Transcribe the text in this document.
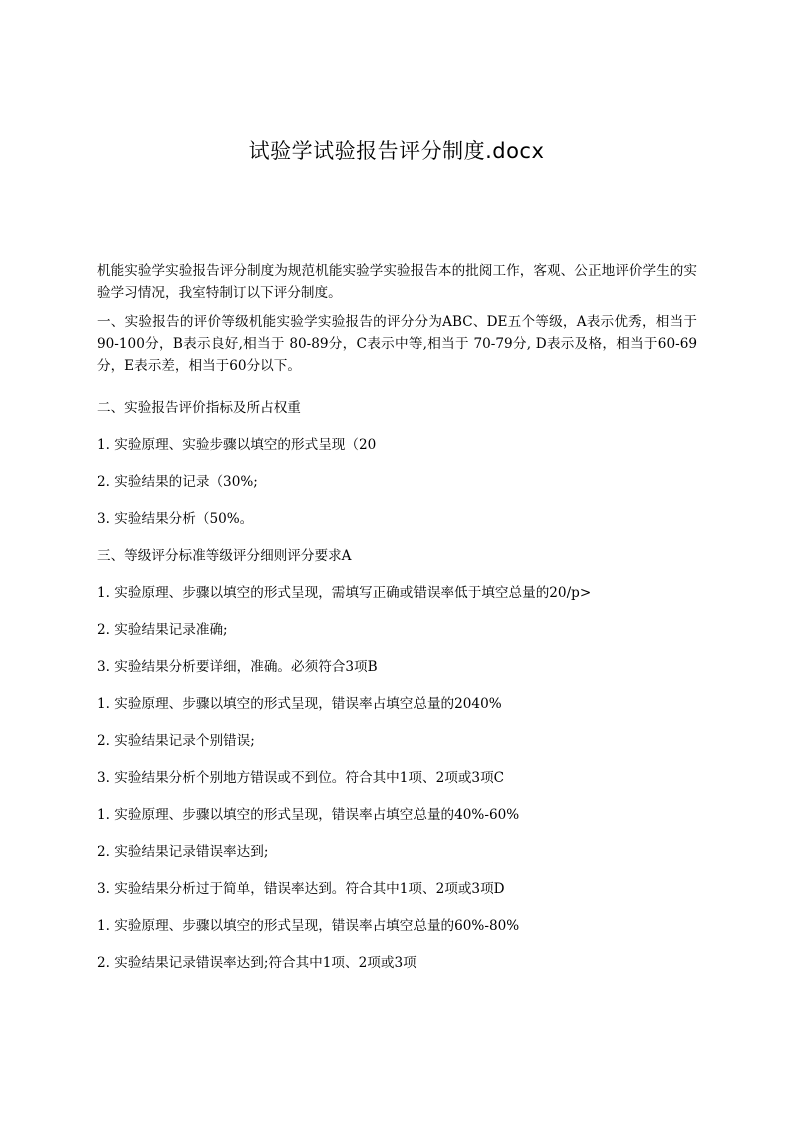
试验学试验报告评分制度.docx

机能实验学实验报告评分制度为规范机能实验学实验报告本的批阅工作，客观、公正地评价学生的实验学习情况，我室特制订以下评分制度。

一、实验报告的评价等级机能实验学实验报告的评分分为ABC、DE五个等级，A表示优秀，相当于90-100分，B表示良好,相当于 80-89分，C表示中等,相当于 70-79分, D表示及格，相当于60-69分，E表示差，相当于60分以下。

二、实验报告评价指标及所占权重

1. 实验原理、实验步骤以填空的形式呈现（20

2. 实验结果的记录（30%;

3. 实验结果分析（50%。

三、等级评分标准等级评分细则评分要求A

1. 实验原理、步骤以填空的形式呈现，需填写正确或错误率低于填空总量的20/p>

2. 实验结果记录准确;

3. 实验结果分析要详细，准确。必须符合3项B

1. 实验原理、步骤以填空的形式呈现，错误率占填空总量的2040%

2. 实验结果记录个别错误;

3. 实验结果分析个别地方错误或不到位。符合其中1项、2项或3项C

1. 实验原理、步骤以填空的形式呈现，错误率占填空总量的40%-60%

2. 实验结果记录错误率达到;

3. 实验结果分析过于简单，错误率达到。符合其中1项、2项或3项D

1. 实验原理、步骤以填空的形式呈现，错误率占填空总量的60%-80%

2. 实验结果记录错误率达到;符合其中1项、2项或3项
